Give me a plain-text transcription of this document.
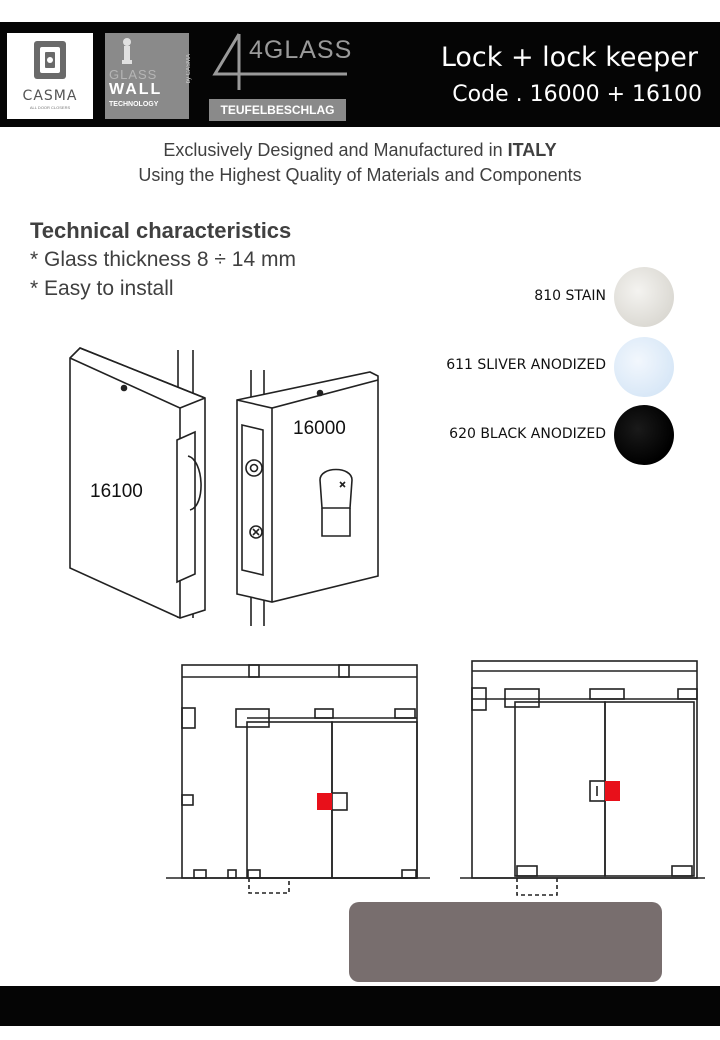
CASMA
ALL DOOR CLOSERS
GLASS
WALL
TECHNOLOGY
by CASMA
4GLASS
TEUFELBESCHLAG
Lock + lock keeper
Code . 16000 + 16100
Exclusively Designed and Manufactured in ITALY
Using the Highest Quality of Materials and Components
Technical characteristics
* Glass thickness 8 ÷ 14 mm
* Easy to install	810 STAIN
611 SLIVER ANODIZED
620 BLACK ANODIZED
16000
16100
